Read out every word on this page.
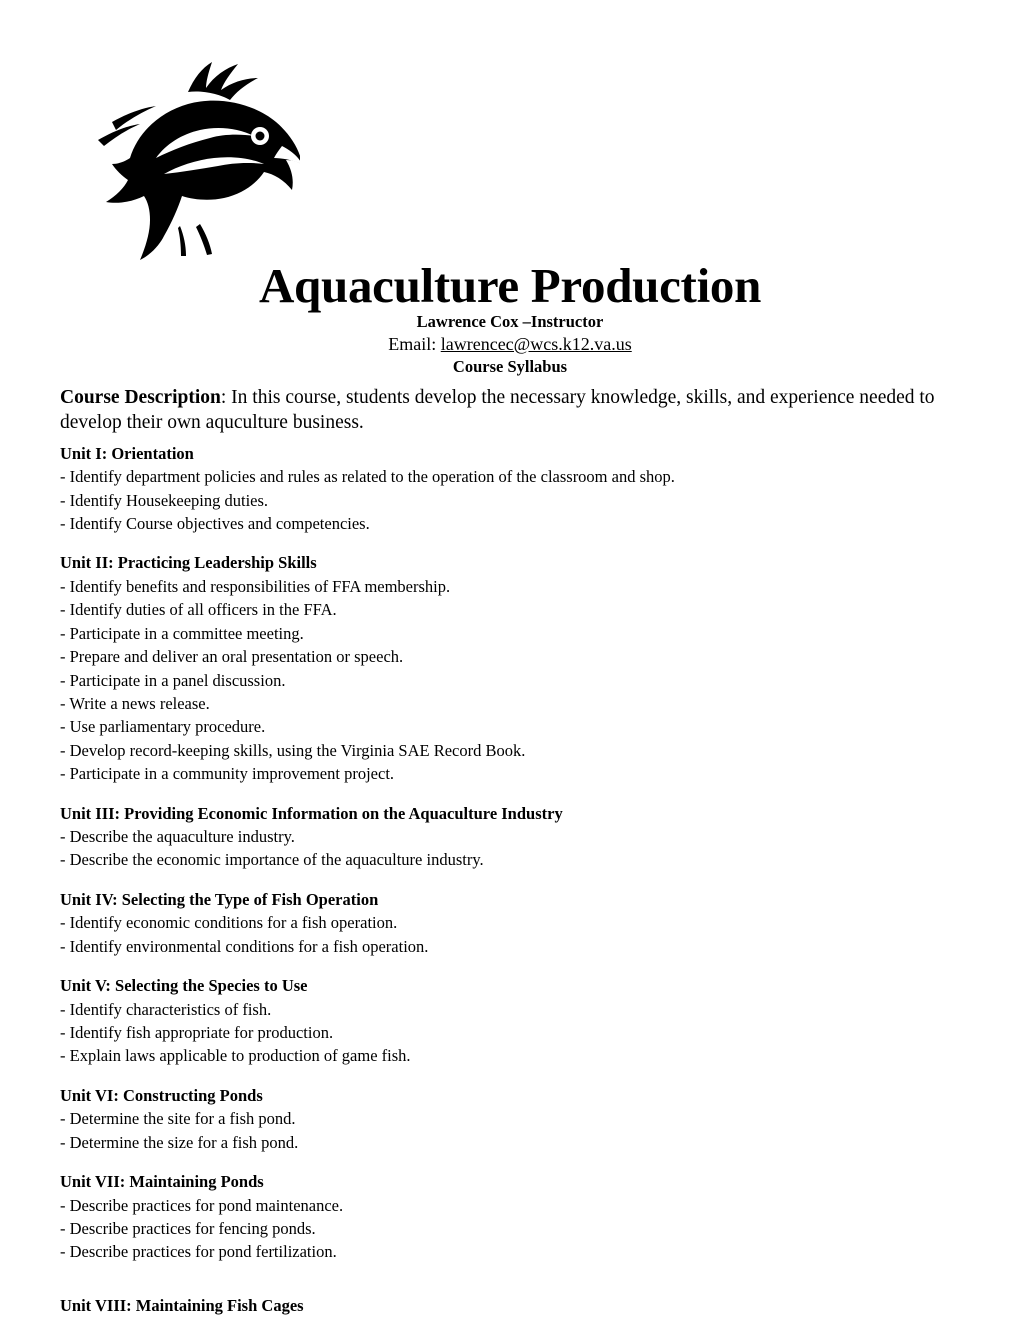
Aquaculture Production

Lawrence Cox –Instructor

Email: lawrencec@wcs.k12.va.us

Course Syllabus

Course Description: In this course, students develop the necessary knowledge, skills, and experience needed to develop their own aquculture business.

Unit I: Orientation

- Identify department policies and rules as related to the operation of the classroom and shop.

- Identify Housekeeping duties.

- Identify Course objectives and competencies.

Unit II: Practicing Leadership Skills

- Identify benefits and responsibilities of FFA membership.

- Identify duties of all officers in the FFA.

- Participate in a committee meeting.

- Prepare and deliver an oral presentation or speech.

- Participate in a panel discussion.

- Write a news release.

- Use parliamentary procedure.

- Develop record-keeping skills, using the Virginia SAE Record Book.

- Participate in a community improvement project.

Unit III: Providing Economic Information on the Aquaculture Industry

- Describe the aquaculture industry.

- Describe the economic importance of the aquaculture industry.

Unit IV: Selecting the Type of Fish Operation

- Identify economic conditions for a fish operation.

- Identify environmental conditions for a fish operation.

Unit V: Selecting the Species to Use

- Identify characteristics of fish.

- Identify fish appropriate for production.

- Explain laws applicable to production of game fish.

Unit VI: Constructing Ponds

- Determine the site for a fish pond.

- Determine the size for a fish pond.

Unit VII: Maintaining Ponds

- Describe practices for pond maintenance.

- Describe practices for fencing ponds.

- Describe practices for pond fertilization.

Unit VIII: Maintaining Fish Cages
